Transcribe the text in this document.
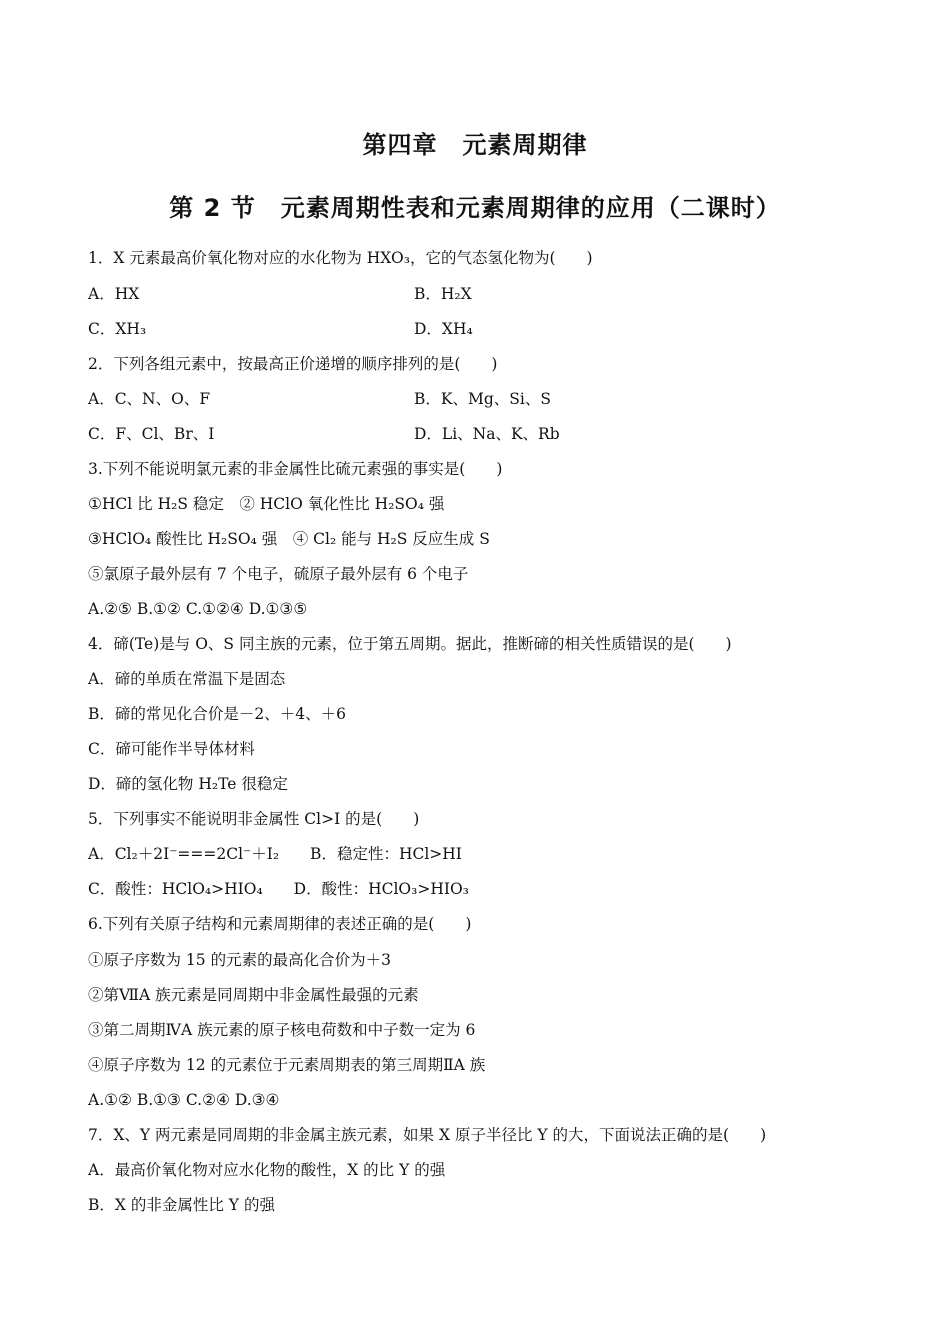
第四章　元素周期律
第 2 节　元素周期性表和元素周期律的应用（二课时）
1．X 元素最高价氧化物对应的水化物为 HXO₃，它的气态氢化物为(　　)
A．HX	B．H₂X
C．XH₃	D．XH₄
2．下列各组元素中，按最高正价递增的顺序排列的是(　　)
A．C、N、O、F	B．K、Mg、Si、S
C．F、Cl、Br、I	D．Li、Na、K、Rb
3.下列不能说明氯元素的非金属性比硫元素强的事实是(　　)
①HCl 比 H₂S 稳定　② HClO 氧化性比 H₂SO₄ 强
③HClO₄ 酸性比 H₂SO₄ 强　④ Cl₂ 能与 H₂S 反应生成 S
⑤氯原子最外层有 7 个电子，硫原子最外层有 6 个电子
A.②⑤ B.①② C.①②④ D.①③⑤
4．碲(Te)是与 O、S 同主族的元素，位于第五周期。据此，推断碲的相关性质错误的是(　　)
A．碲的单质在常温下是固态
B．碲的常见化合价是－2、＋4、＋6
C．碲可能作半导体材料
D．碲的氢化物 H₂Te 很稳定
5．下列事实不能说明非金属性 Cl>I 的是(　　)
A．Cl₂＋2I⁻===2Cl⁻＋I₂　　B．稳定性：HCl>HI
C．酸性：HClO₄>HIO₄　　D．酸性：HClO₃>HIO₃
6.下列有关原子结构和元素周期律的表述正确的是(　　)
①原子序数为 15 的元素的最高化合价为＋3
②第ⅦA 族元素是同周期中非金属性最强的元素
③第二周期ⅣA 族元素的原子核电荷数和中子数一定为 6
④原子序数为 12 的元素位于元素周期表的第三周期ⅡA 族
A.①② B.①③ C.②④ D.③④
7．X、Y 两元素是同周期的非金属主族元素，如果 X 原子半径比 Y 的大，下面说法正确的是(　　)
A．最高价氧化物对应水化物的酸性，X 的比 Y 的强
B．X 的非金属性比 Y 的强
